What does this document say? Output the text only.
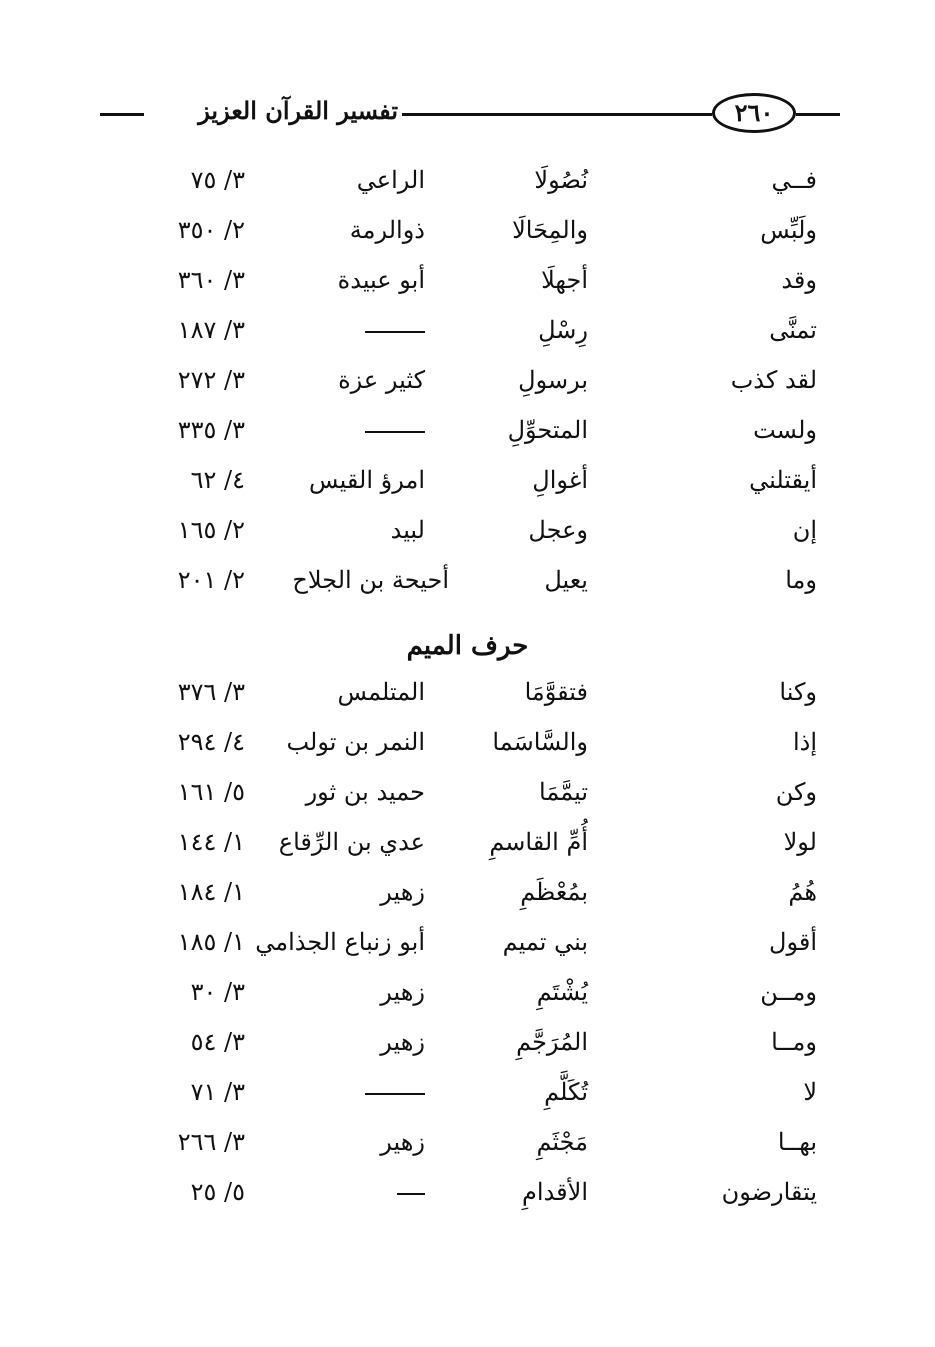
تفسير القرآن العزيز	٢٦٠
فــي
نُصُولَا
الراعي
٣/ ٧٥
ولَبِّس
والمِحَالَا
ذوالرمة
٢/ ٣٥٠
وقد
أجهلَا
أبو عبيدة
٣/ ٣٦٠
تمنَّى
رِسْلِ
٣/ ١٨٧
لقد كذب
برسولِ
كثير عزة
٣/ ٢٧٢
ولست
المتحوِّلِ
٣/ ٣٣٥
أيقتلني
أغوالِ
امرؤ القيس
٤/ ٦٢
إن
وعجل
لبيد
٢/ ١٦٥
وما
يعيل
أحيحة بن الجلاح
٢/ ٢٠١
حرف الميم
وكنا
فتقوَّمَا
المتلمس
٣/ ٣٧٦
إذا
والسَّاسَما
النمر بن تولب
٤/ ٢٩٤
وكن
تيمَّمَا
حميد بن ثور
٥/ ١٦١
لولا
أُمِّ القاسمِ
عدي بن الرِّقاع
١/ ١٤٤
هُمُ
بمُعْظَمِ
زهير
١/ ١٨٤
أقول
بني تميم
أبو زنباع الجذامي
١/ ١٨٥
ومــن
يُشْتَمِ
زهير
٣/ ٣٠
ومــا
المُرَجَّمِ
زهير
٣/ ٥٤
لا
تُكَلَّمِ
٣/ ٧١
بهــا
مَجْثَمِ
زهير
٣/ ٢٦٦
يتقارضون
الأقدامِ
٥/ ٢٥
